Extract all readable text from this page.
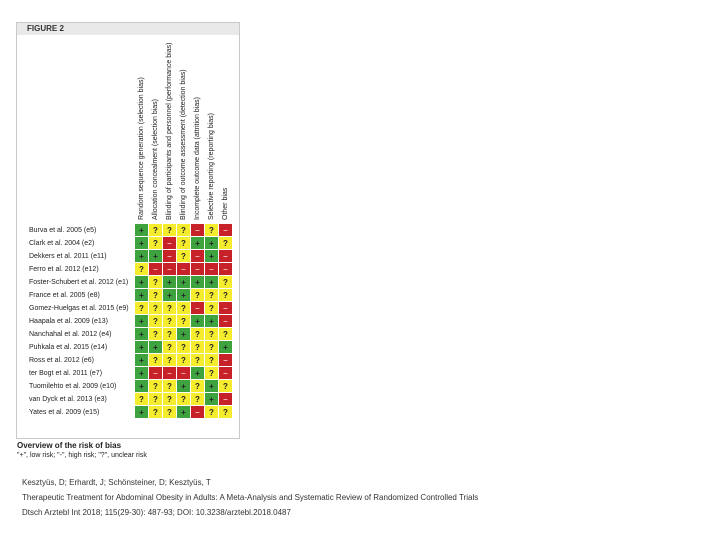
FIGURE 2
Random sequence generation (selection bias) Allocation concealment (selection bias) Blinding of participants and personnel (performance bias) Blinding of outcome assessment (detection bias) Incomplete outcome data (attrition bias) Selective reporting (reporting bias) Other bias
Burva et al. 2005 (e5)	+	?	?	?	–	?	–
Clark et al. 2004 (e2)	+	?	–	?	+	+	?
Dekkers et al. 2011 (e11)	+	+	–	?	–	+	–
Ferro et al. 2012 (e12)	?	–	–	–	–	–	–
Foster-Schubert et al. 2012 (e1)	+	?	+	+	+	+	?
France et al. 2005 (e8)	+	?	+	+	?	?	?
Gomez-Huelgas et al. 2015 (e9)	?	?	?	?	–	?	–
Haapala et al. 2009 (e13)	+	?	?	?	+	+	–
Nanchahal et al. 2012 (e4)	+	?	?	+	?	?	?
Puhkala et al. 2015 (e14)	+	+	?	?	?	?	+
Ross et al. 2012 (e6)	+	?	?	?	?	?	–
ter Bogt et al. 2011 (e7)	+	–	–	–	+	?	–
Tuomilehto et al. 2009 (e10)	+	?	?	+	?	+	?
van Dyck et al. 2013 (e3)	?	?	?	?	?	+	–
Yates et al. 2009 (e15)	+	?	?	+	–	?	?
Overview of the risk of bias
"+", low risk; "-", high risk; "?", unclear risk
Kesztyüs, D; Erhardt, J; Schönsteiner, D; Kesztyüs, T
Therapeutic Treatment for Abdominal Obesity in Adults: A Meta-Analysis and Systematic Review of Randomized Controlled Trials
Dtsch Arztebl Int 2018; 115(29-30): 487-93; DOI: 10.3238/arztebl.2018.0487
